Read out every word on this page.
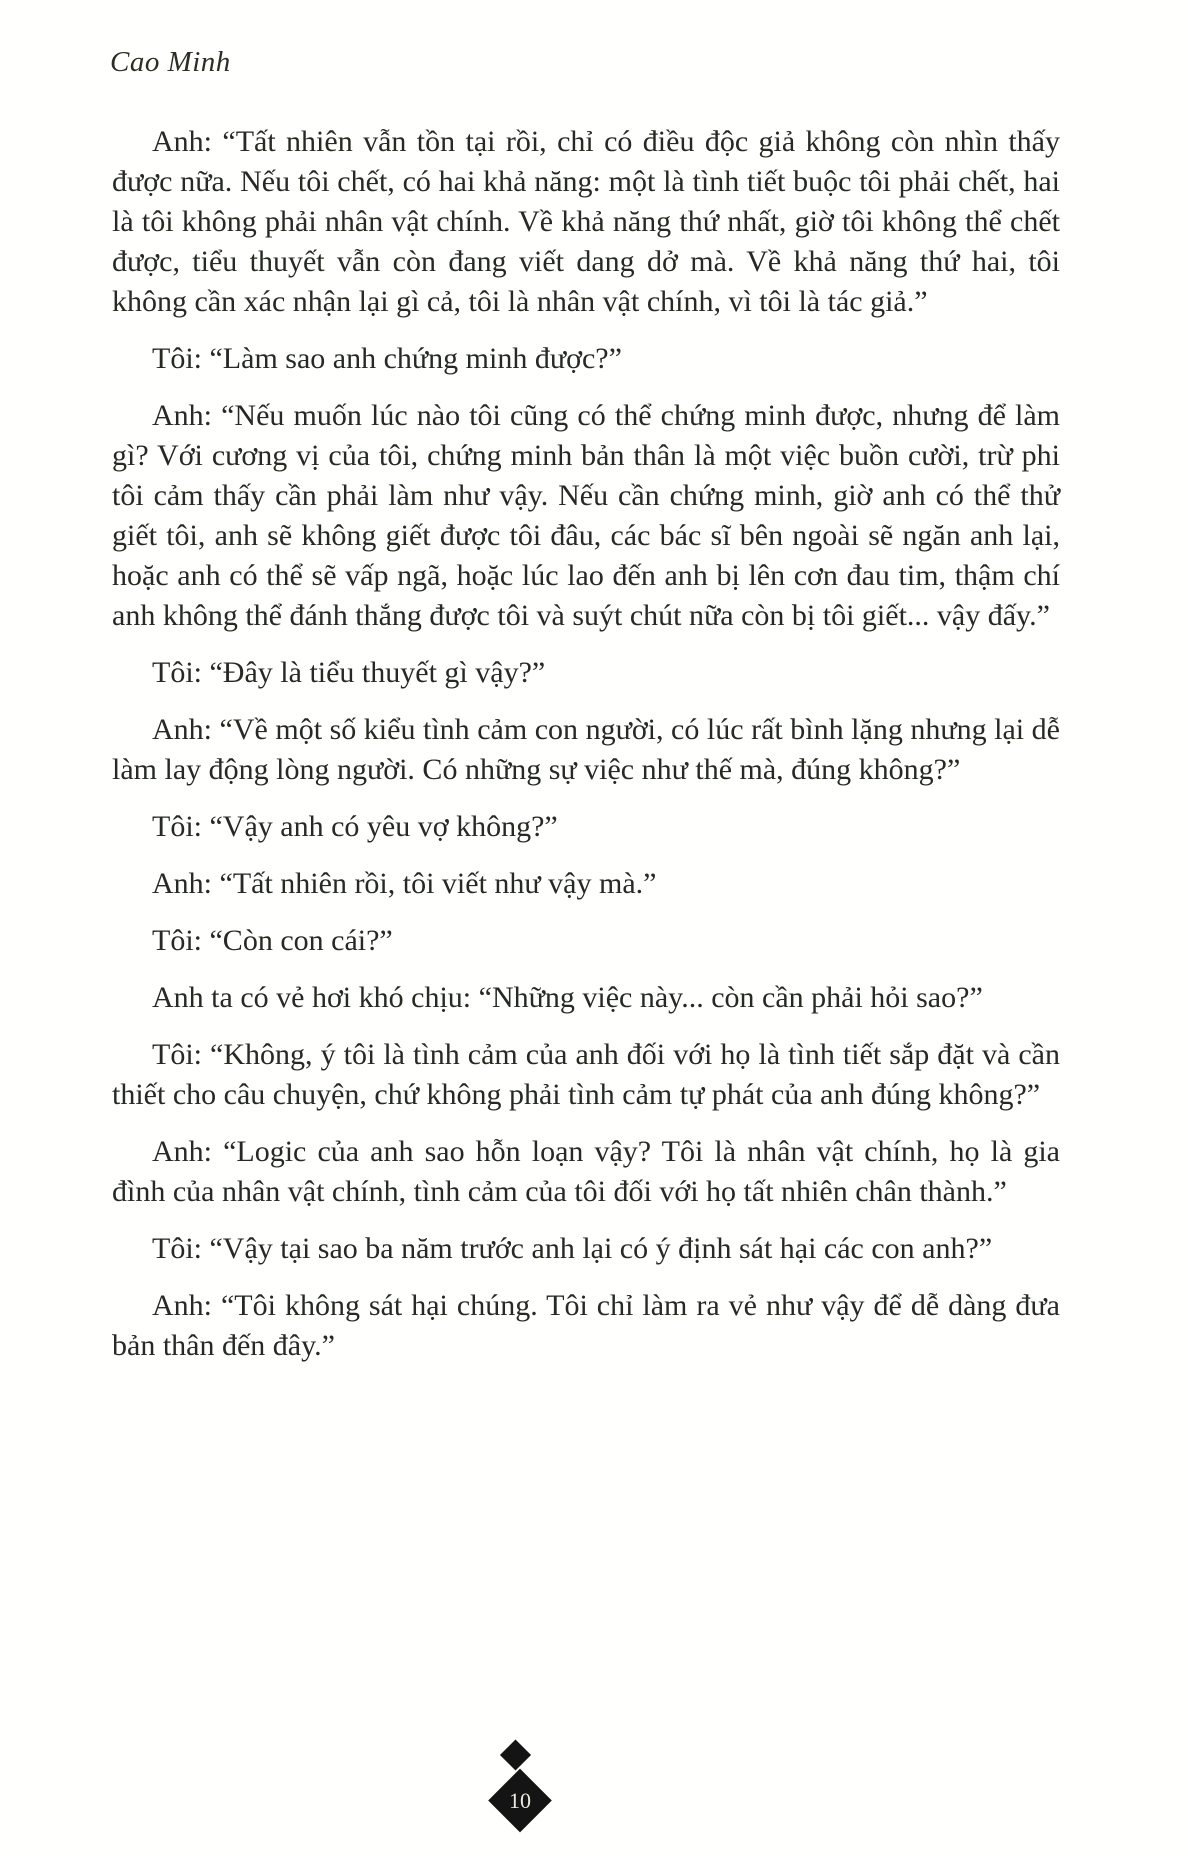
Cao Minh

Anh: “Tất nhiên vẫn tồn tại rồi, chỉ có điều độc giả không còn nhìn thấy được nữa. Nếu tôi chết, có hai khả năng: một là tình tiết buộc tôi phải chết, hai là tôi không phải nhân vật chính. Về khả năng thứ nhất, giờ tôi không thể chết được, tiểu thuyết vẫn còn đang viết dang dở mà. Về khả năng thứ hai, tôi không cần xác nhận lại gì cả, tôi là nhân vật chính, vì tôi là tác giả.”

Tôi: “Làm sao anh chứng minh được?”

Anh: “Nếu muốn lúc nào tôi cũng có thể chứng minh được, nhưng để làm gì? Với cương vị của tôi, chứng minh bản thân là một việc buồn cười, trừ phi tôi cảm thấy cần phải làm như vậy. Nếu cần chứng minh, giờ anh có thể thử giết tôi, anh sẽ không giết được tôi đâu, các bác sĩ bên ngoài sẽ ngăn anh lại, hoặc anh có thể sẽ vấp ngã, hoặc lúc lao đến anh bị lên cơn đau tim, thậm chí anh không thể đánh thắng được tôi và suýt chút nữa còn bị tôi giết... vậy đấy.”

Tôi: “Đây là tiểu thuyết gì vậy?”

Anh: “Về một số kiểu tình cảm con người, có lúc rất bình lặng nhưng lại dễ làm lay động lòng người. Có những sự việc như thế mà, đúng không?”

Tôi: “Vậy anh có yêu vợ không?”

Anh: “Tất nhiên rồi, tôi viết như vậy mà.”

Tôi: “Còn con cái?”

Anh ta có vẻ hơi khó chịu: “Những việc này... còn cần phải hỏi sao?”

Tôi: “Không, ý tôi là tình cảm của anh đối với họ là tình tiết sắp đặt và cần thiết cho câu chuyện, chứ không phải tình cảm tự phát của anh đúng không?”

Anh: “Logic của anh sao hỗn loạn vậy? Tôi là nhân vật chính, họ là gia đình của nhân vật chính, tình cảm của tôi đối với họ tất nhiên chân thành.”

Tôi: “Vậy tại sao ba năm trước anh lại có ý định sát hại các con anh?”

Anh: “Tôi không sát hại chúng. Tôi chỉ làm ra vẻ như vậy để dễ dàng đưa bản thân đến đây.”

10
